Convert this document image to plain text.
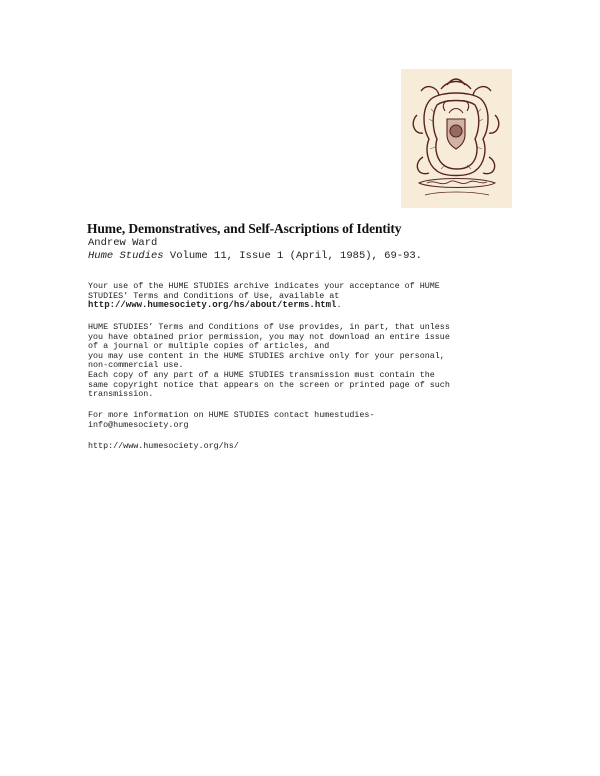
Hume, Demonstratives, and Self-Ascriptions of Identity
Andrew Ward
Hume Studies Volume 11, Issue 1 (April, 1985), 69-93.

Your use of the HUME STUDIES archive indicates your acceptance of HUME

STUDIES’ Terms and Conditions of Use, available at

http://www.humesociety.org/hs/about/terms.html.

HUME STUDIES’ Terms and Conditions of Use provides, in part, that unless

you have obtained prior permission, you may not download an entire issue

of a journal or multiple copies of articles, and

you may use content in the HUME STUDIES archive only for your personal,

non-commercial use.

Each copy of any part of a HUME STUDIES transmission must contain the

same copyright notice that appears on the screen or printed page of such

transmission.

For more information on HUME STUDIES contact humestudies-

info@humesociety.org

http://www.humesociety.org/hs/
